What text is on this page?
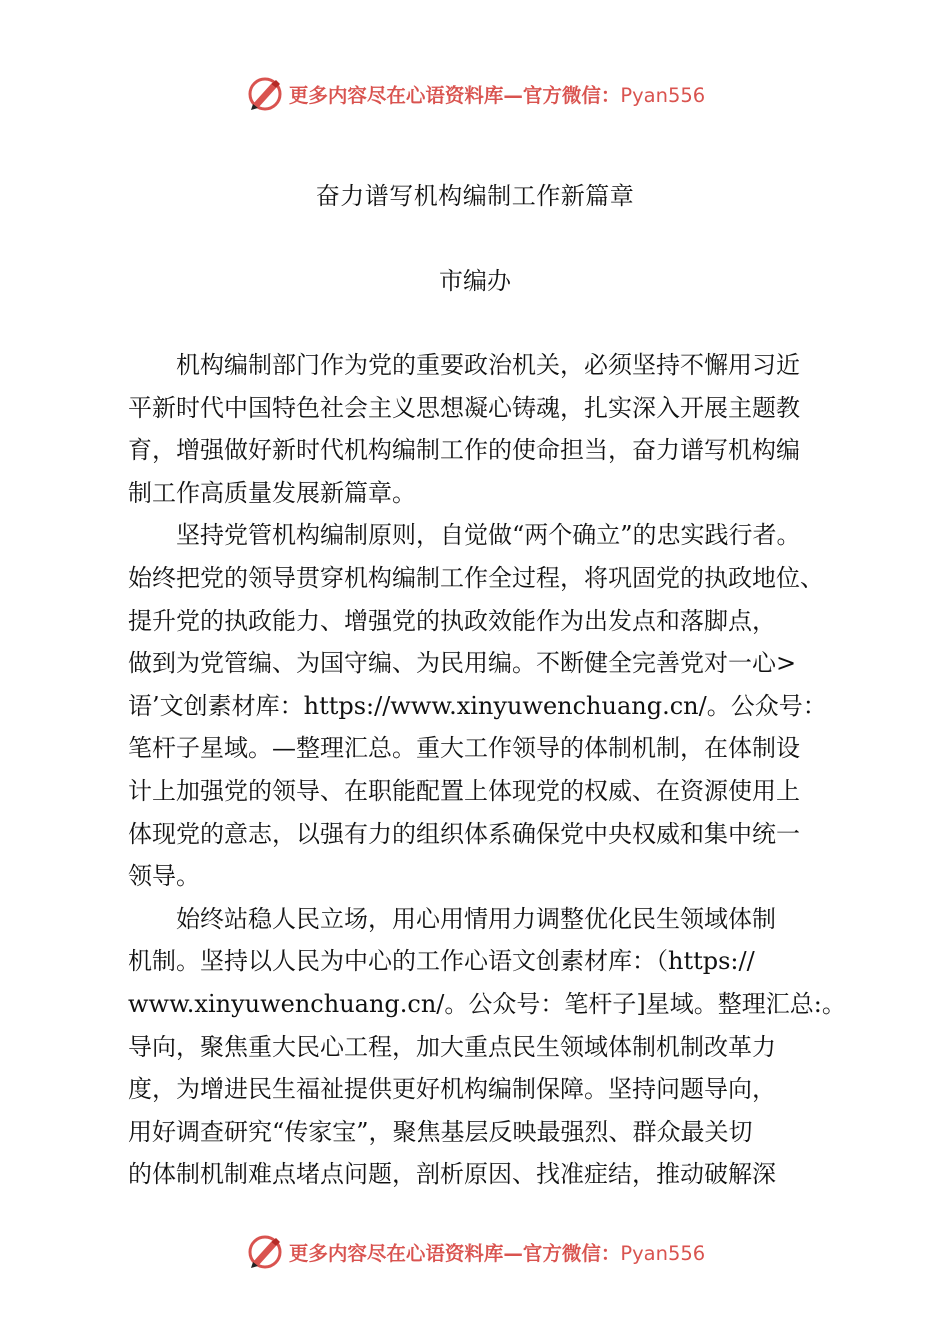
更多内容尽在心语资料库—官方微信：Pyan556
奋力谱写机构编制工作新篇章
市编办
　　机构编制部门作为党的重要政治机关，必须坚持不懈用习近
平新时代中国特色社会主义思想凝心铸魂，扎实深入开展主题教
育，增强做好新时代机构编制工作的使命担当，奋力谱写机构编
制工作高质量发展新篇章。
　　坚持党管机构编制原则，自觉做“两个确立”的忠实践行者。
始终把党的领导贯穿机构编制工作全过程，将巩固党的执政地位、
提升党的执政能力、增强党的执政效能作为出发点和落脚点，
做到为党管编、为国守编、为民用编。不断健全完善党对一心>
语’文创素材库：https://www.xinyuwenchuang.cn/。公众号：
笔杆子星域。—整理汇总。重大工作领导的体制机制，在体制设
计上加强党的领导、在职能配置上体现党的权威、在资源使用上
体现党的意志，以强有力的组织体系确保党中央权威和集中统一
领导。
　　始终站稳人民立场，用心用情用力调整优化民生领域体制
机制。坚持以人民为中心的工作心语文创素材库：（https://
www.xinyuwenchuang.cn/。公众号：笔杆子]星域。整理汇总:。
导向，聚焦重大民心工程，加大重点民生领域体制机制改革力
度，为增进民生福祉提供更好机构编制保障。坚持问题导向，
用好调查研究“传家宝”，聚焦基层反映最强烈、群众最关切
的体制机制难点堵点问题，剖析原因、找准症结，推动破解深
更多内容尽在心语资料库—官方微信：Pyan556
